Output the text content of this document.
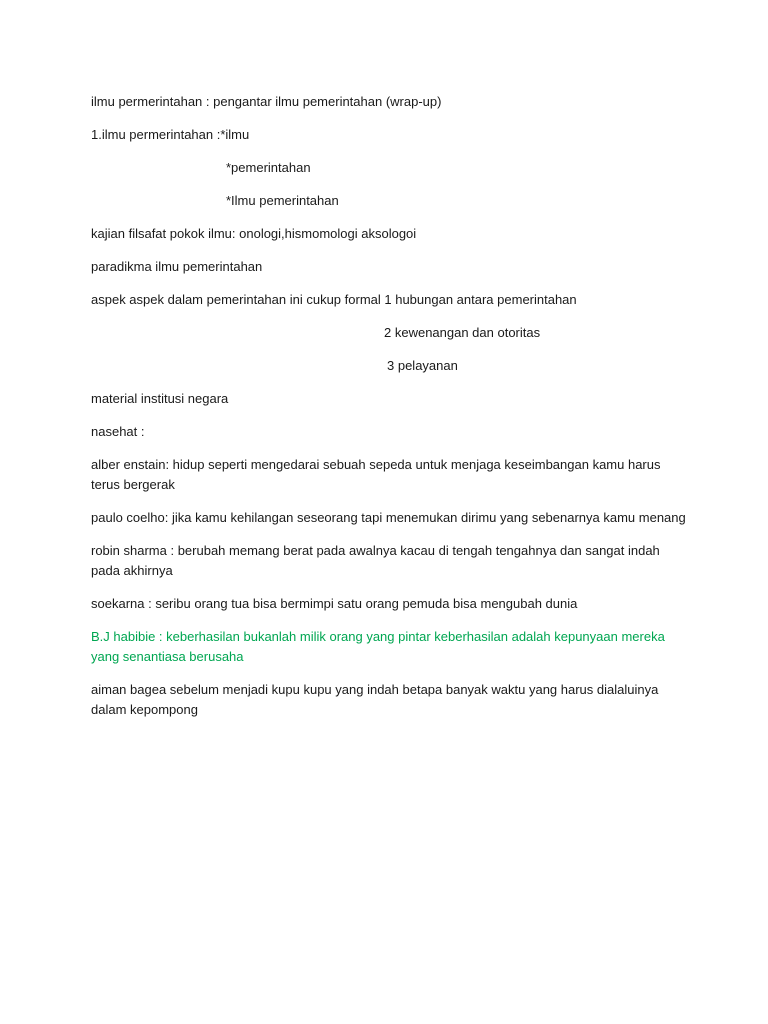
ilmu permerintahan : pengantar ilmu pemerintahan (wrap-up)

1.ilmu permerintahan :*ilmu

*pemerintahan

*Ilmu pemerintahan

kajian filsafat pokok ilmu: onologi,hismomologi aksologoi

paradikma ilmu pemerintahan

aspek aspek dalam pemerintahan ini cukup formal 1 hubungan antara pemerintahan

2 kewenangan dan otoritas

3 pelayanan

material institusi negara

nasehat :

alber enstain: hidup seperti mengedarai sebuah sepeda untuk menjaga keseimbangan kamu harus terus bergerak

paulo coelho: jika kamu kehilangan seseorang tapi menemukan dirimu yang sebenarnya kamu menang

robin sharma : berubah memang berat pada awalnya kacau di tengah tengahnya dan sangat indah pada akhirnya

soekarna : seribu orang tua bisa bermimpi satu orang pemuda bisa mengubah dunia

B.J habibie : keberhasilan bukanlah milik orang yang pintar keberhasilan adalah kepunyaan mereka yang senantiasa berusaha

aiman bagea sebelum menjadi kupu kupu yang indah betapa banyak waktu yang harus dialaluinya dalam kepompong
